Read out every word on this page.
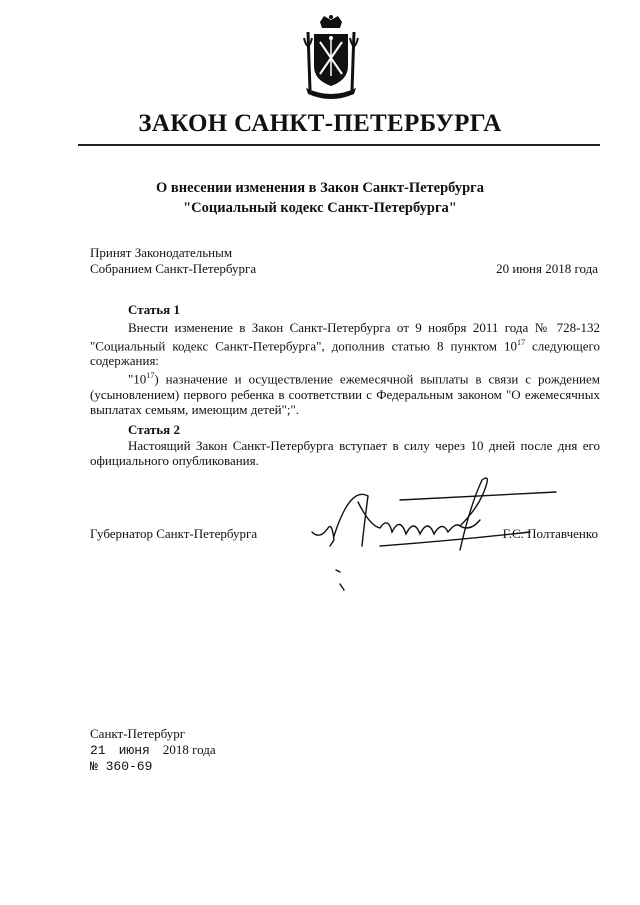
ЗАКОН САНКТ-ПЕТЕРБУРГА
О внесении изменения в Закон Санкт-Петербурга
"Социальный кодекс Санкт-Петербурга"
Принят Законодательным
Собранием Санкт-Петербурга	20 июня 2018 года
Статья 1

Внести изменение в Закон Санкт-Петербурга от 9 ноября 2011 года № 728-132 "Социальный кодекс Санкт-Петербурга", дополнив статью 8 пунктом $10^{17}$ следующего содержания:

"$10^{17}$) назначение и осуществление ежемесячной выплаты в связи с рождением (усыновлением) первого ребенка в соответствии с Федеральным законом "О ежемесячных выплатах семьям, имеющим детей";".

Статья 2

Настоящий Закон Санкт-Петербурга вступает в силу через 10 дней после дня его официального опубликования.

Губернатор Санкт-Петербурга	Г.С. Полтавченко
Санкт-Петербург
21 июня 2018 года
№ 360-69
